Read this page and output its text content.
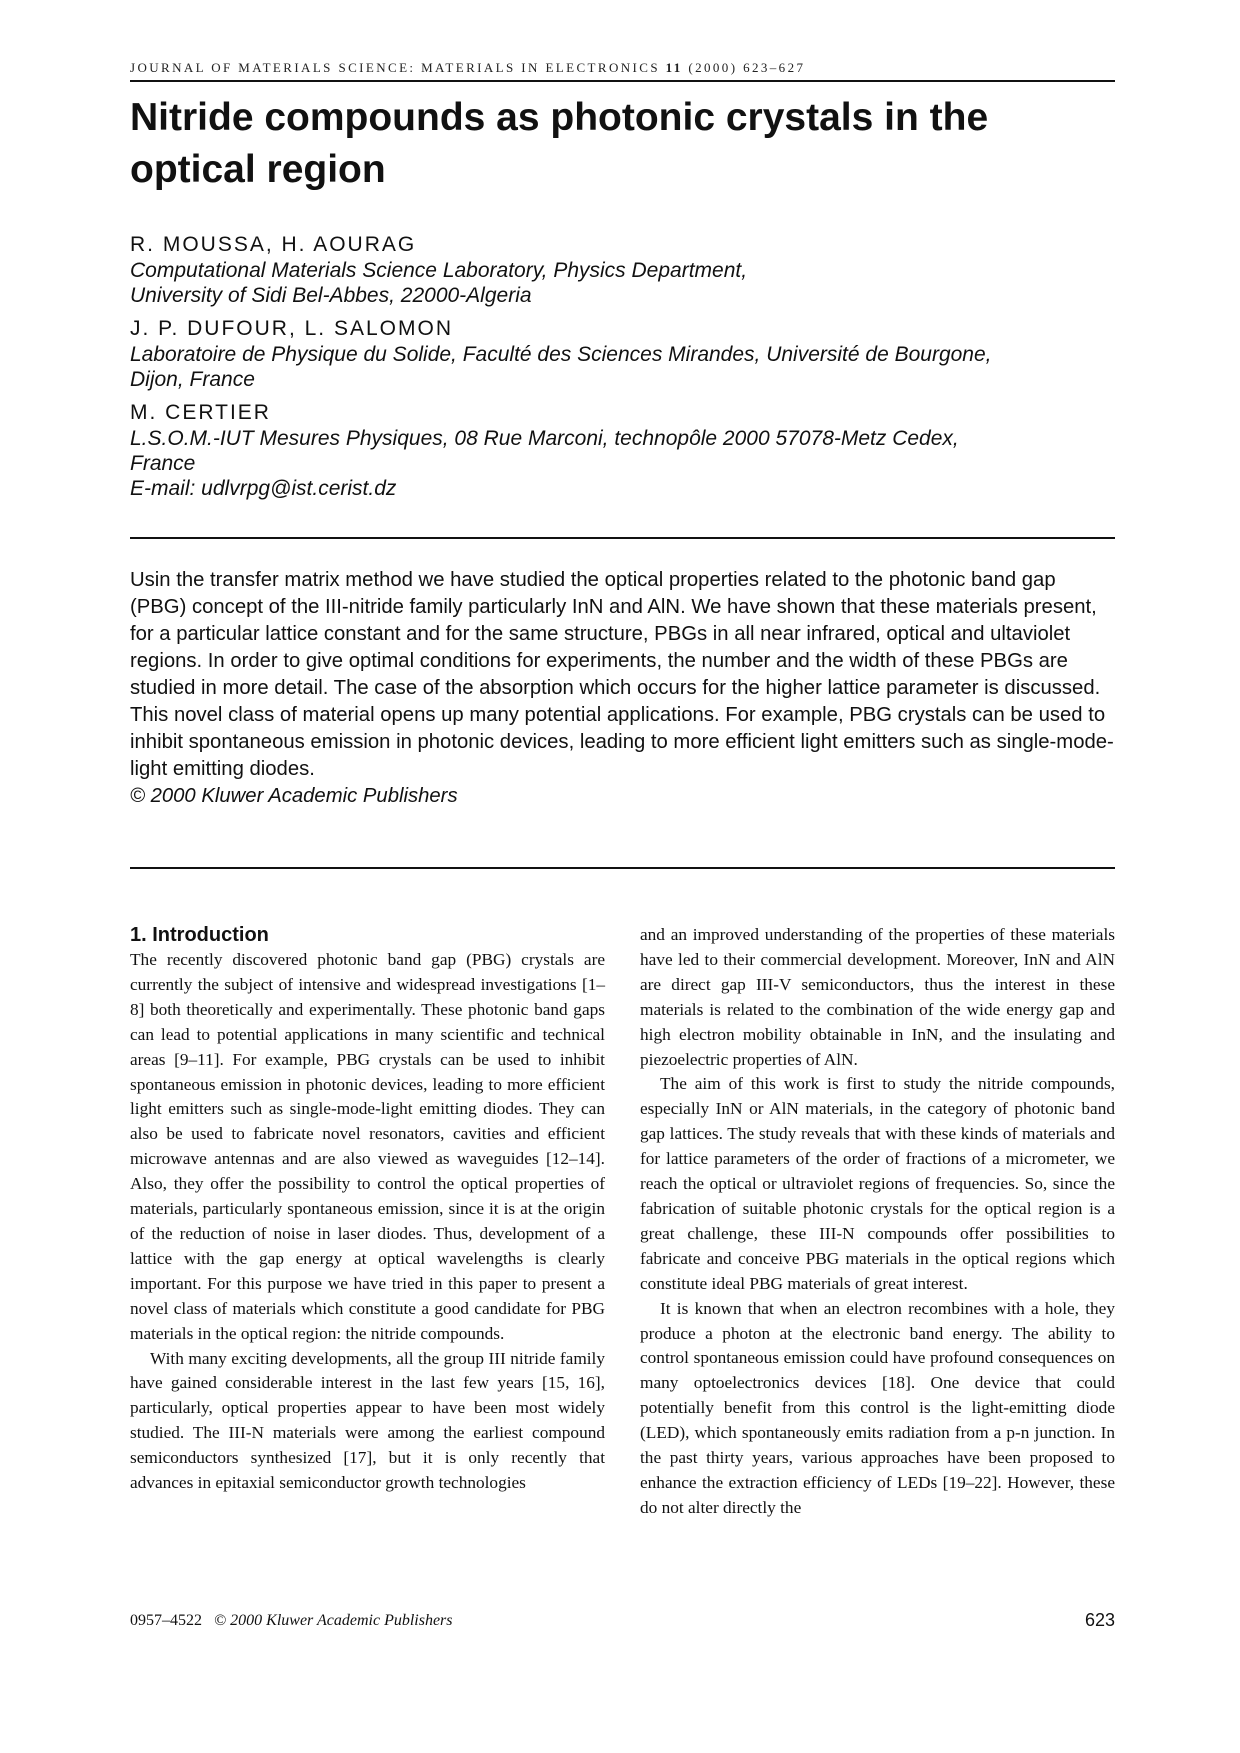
JOURNAL OF MATERIALS SCIENCE: MATERIALS IN ELECTRONICS 11 (2000) 623–627
Nitride compounds as photonic crystals in the optical region
R. MOUSSA, H. AOURAG
Computational Materials Science Laboratory, Physics Department,
University of Sidi Bel-Abbes, 22000-Algeria
J. P. DUFOUR, L. SALOMON
Laboratoire de Physique du Solide, Faculté des Sciences Mirandes, Université de Bourgone,
Dijon, France
M. CERTIER
L.S.O.M.-IUT Mesures Physiques, 08 Rue Marconi, technopôle 2000 57078-Metz Cedex,
France
E-mail: udlvrpg@ist.cerist.dz
Usin the transfer matrix method we have studied the optical properties related to the photonic band gap (PBG) concept of the III-nitride family particularly InN and AlN. We have shown that these materials present, for a particular lattice constant and for the same structure, PBGs in all near infrared, optical and ultaviolet regions. In order to give optimal conditions for experiments, the number and the width of these PBGs are studied in more detail. The case of the absorption which occurs for the higher lattice parameter is discussed. This novel class of material opens up many potential applications. For example, PBG crystals can be used to inhibit spontaneous emission in photonic devices, leading to more efficient light emitters such as single-mode-light emitting diodes.
© 2000 Kluwer Academic Publishers
1. Introduction

The recently discovered photonic band gap (PBG) crystals are currently the subject of intensive and widespread investigations [1–8] both theoretically and experimentally. These photonic band gaps can lead to potential applications in many scientific and technical areas [9–11]. For example, PBG crystals can be used to inhibit spontaneous emission in photonic devices, leading to more efficient light emitters such as single-mode-light emitting diodes. They can also be used to fabricate novel resonators, cavities and efficient microwave antennas and are also viewed as waveguides [12–14]. Also, they offer the possibility to control the optical properties of materials, particularly spontaneous emission, since it is at the origin of the reduction of noise in laser diodes. Thus, development of a lattice with the gap energy at optical wavelengths is clearly important. For this purpose we have tried in this paper to present a novel class of materials which constitute a good candidate for PBG materials in the optical region: the nitride compounds.

With many exciting developments, all the group III nitride family have gained considerable interest in the last few years [15, 16], particularly, optical properties appear to have been most widely studied. The III-N materials were among the earliest compound semiconductors synthesized [17], but it is only recently that advances in epitaxial semiconductor growth technologies

and an improved understanding of the properties of these materials have led to their commercial development. Moreover, InN and AlN are direct gap III-V semiconductors, thus the interest in these materials is related to the combination of the wide energy gap and high electron mobility obtainable in InN, and the insulating and piezoelectric properties of AlN.

The aim of this work is first to study the nitride compounds, especially InN or AlN materials, in the category of photonic band gap lattices. The study reveals that with these kinds of materials and for lattice parameters of the order of fractions of a micrometer, we reach the optical or ultraviolet regions of frequencies. So, since the fabrication of suitable photonic crystals for the optical region is a great challenge, these III-N compounds offer possibilities to fabricate and conceive PBG materials in the optical regions which constitute ideal PBG materials of great interest.

It is known that when an electron recombines with a hole, they produce a photon at the electronic band energy. The ability to control spontaneous emission could have profound consequences on many optoelectronics devices [18]. One device that could potentially benefit from this control is the light-emitting diode (LED), which spontaneously emits radiation from a p-n junction. In the past thirty years, various approaches have been proposed to enhance the extraction efficiency of LEDs [19–22]. However, these do not alter directly the

0957–4522 © 2000 Kluwer Academic Publishers	623
